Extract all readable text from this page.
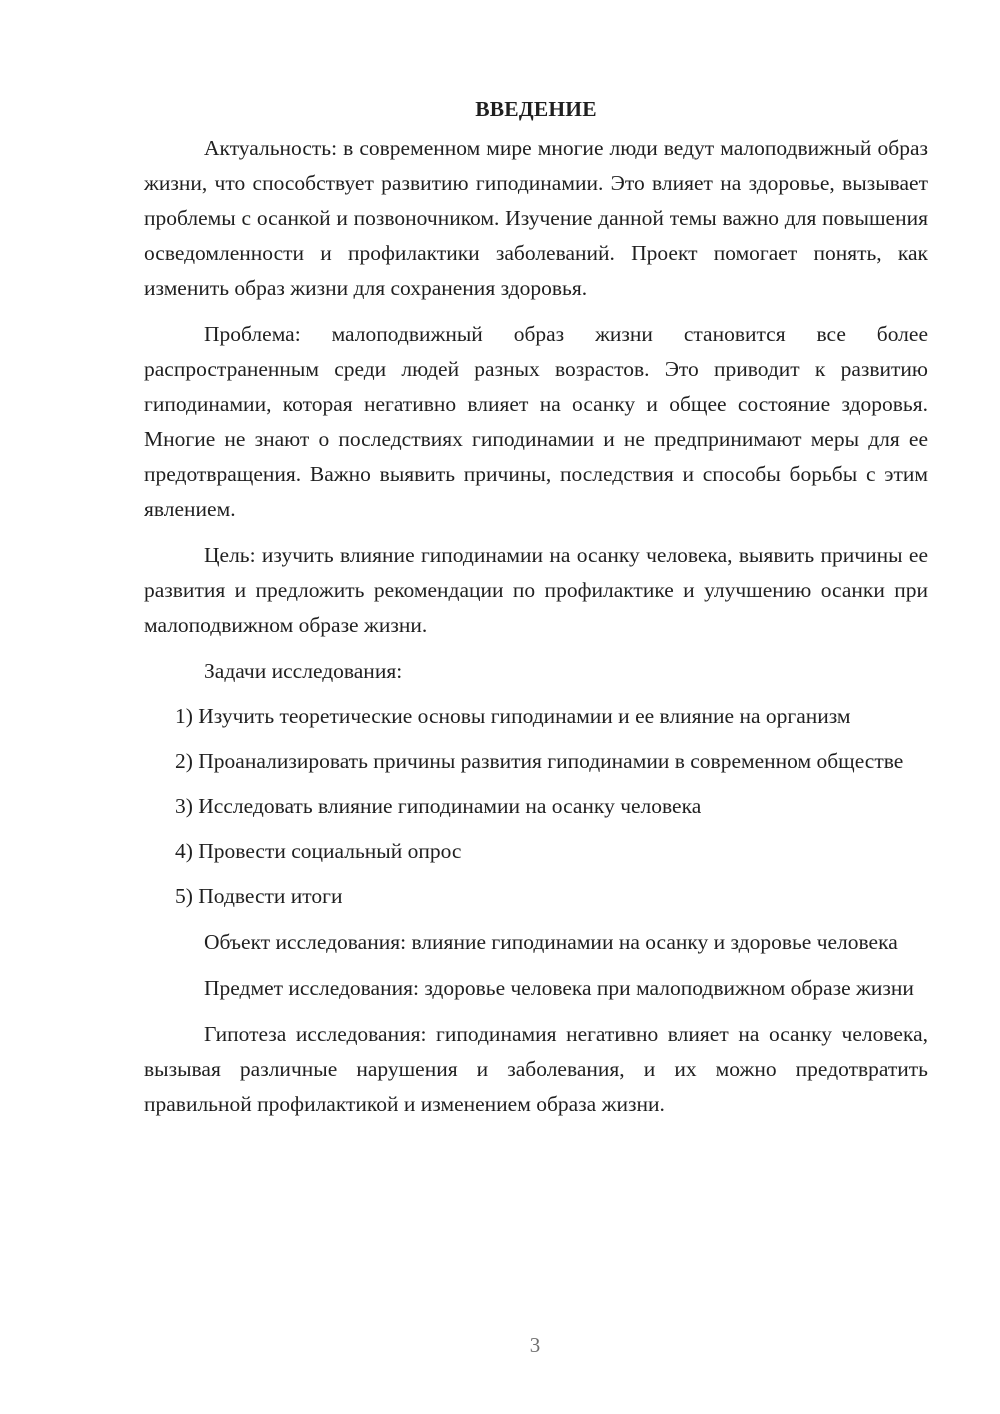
ВВЕДЕНИЕ

Актуальность: в современном мире многие люди ведут малоподвижный образ жизни, что способствует развитию гиподинамии. Это влияет на здоровье, вызывает проблемы с осанкой и позвоночником. Изучение данной темы важно для повышения осведомленности и профилактики заболеваний. Проект помогает понять, как изменить образ жизни для сохранения здоровья.

Проблема: малоподвижный образ жизни становится все более распространенным среди людей разных возрастов. Это приводит к развитию гиподинамии, которая негативно влияет на осанку и общее состояние здоровья. Многие не знают о последствиях гиподинамии и не предпринимают меры для ее предотвращения. Важно выявить причины, последствия и способы борьбы с этим явлением.

Цель: изучить влияние гиподинамии на осанку человека, выявить причины ее развития и предложить рекомендации по профилактике и улучшению осанки при малоподвижном образе жизни.

Задачи исследования:

1) Изучить теоретические основы гиподинамии и ее влияние на организм

2) Проанализировать причины развития гиподинамии в современном обществе

3) Исследовать влияние гиподинамии на осанку человека

4) Провести социальный опрос

5) Подвести итоги

Объект исследования: влияние гиподинамии на осанку и здоровье человека

Предмет исследования: здоровье человека при малоподвижном образе жизни

Гипотеза исследования: гиподинамия негативно влияет на осанку человека, вызывая различные нарушения и заболевания, и их можно предотвратить правильной профилактикой и изменением образа жизни.

3
